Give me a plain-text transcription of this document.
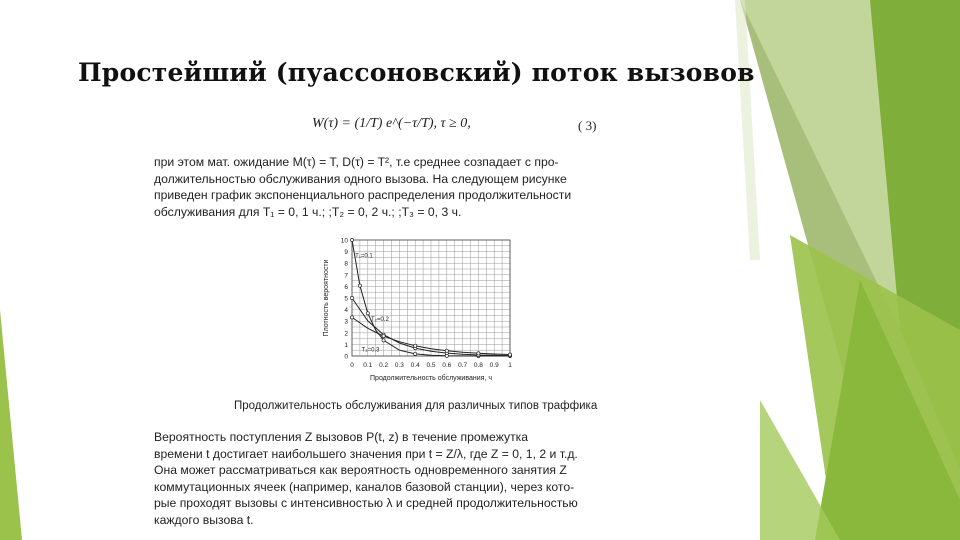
Простейший (пуассоновский) поток вызовов
W(τ) = (1/T) e^(−τ/T), τ ≥ 0,	( 3)
при этом мат. ожидание M(τ) = T, D(τ) = T², т.е среднее созпадает с про-
должительностью обслуживания одного вызова. На следующем рисунке
приведен график экспоненциального распределения продолжительности
обслуживания для T₁ = 0, 1 ч.; ;T₂ = 0, 2 ч.; ;T₃ = 0, 3 ч.
0 0.1 0.2 0.3 0.4 0.5 0.6 0.7 0.8 0.9 1
0
1
2
3
4
5
6
7
8
9
10
Продолжительность обслуживания, ч
Плотность вероятности
T₁=0.1
T₂=0.2
T₃=0.3
Продолжительность обслуживания для различных типов траффика
Вероятность поступления Z вызовов P(t, z) в течение промежутка
времени t достигает наибольшего значения при t = Z/λ, где Z = 0, 1, 2 и т.д.
Она может рассматриваться как вероятность одновременного занятия Z
коммутационных ячеек (например, каналов базовой станции), через кото-
рые проходят вызовы с интенсивностью λ и средней продолжительностью
каждого вызова t.
